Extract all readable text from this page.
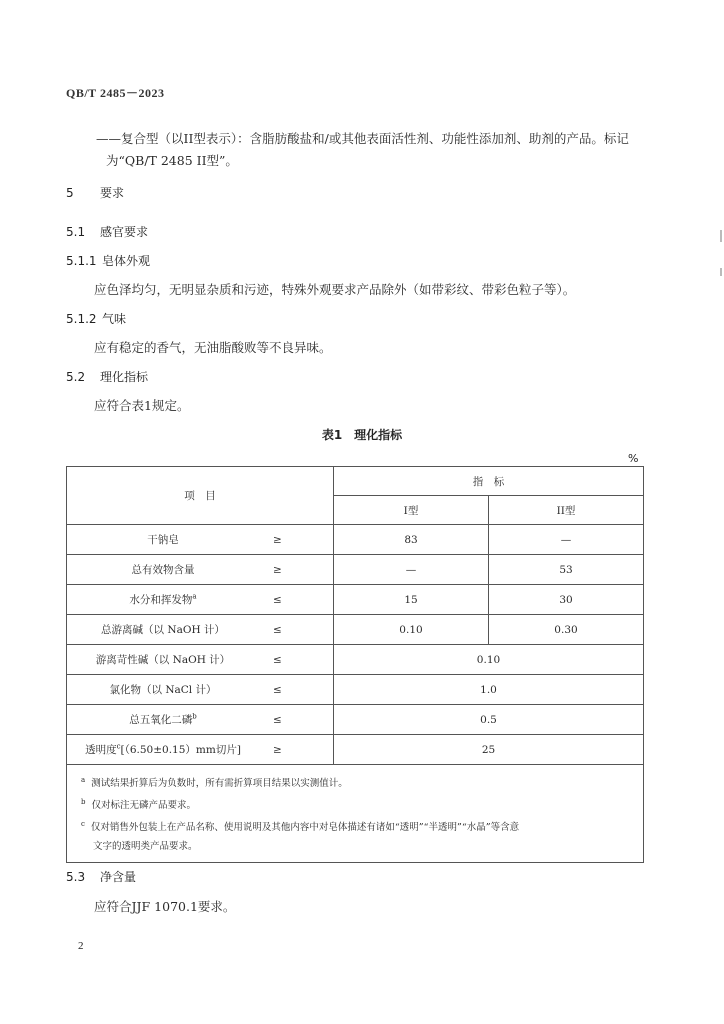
QB/T 2485－2023
——复合型（以II型表示）：含脂肪酸盐和/或其他表面活性剂、功能性添加剂、助剂的产品。标记
为“QB/T 2485 II型”。
5 要求
5.1 感官要求
5.1.1 皂体外观
应色泽均匀，无明显杂质和污迹，特殊外观要求产品除外（如带彩纹、带彩色粒子等）。
5.1.2 气味
应有稳定的香气，无油脂酸败等不良异味。
5.2 理化指标
应符合表1规定。
表1　理化指标
%
项　目		指　标	
		I型	II型
干钠皂	≥	83	—
总有效物含量	≥	—	53
水分和挥发物$^a$	≤	15	30
总游离碱（以 NaOH 计）	≤	0.10	0.30
游离苛性碱（以 NaOH 计）	≤	0.10	
氯化物（以 NaCl 计）	≤	1.0	
总五氧化二磷$^b$	≤	0.5	
透明度$^c$[（6.50±0.15）mm切片]	≥	25	

$^a$ 测试结果折算后为负数时，所有需折算项目结果以实测值计。
$^b$ 仅对标注无磷产品要求。
$^c$ 仅对销售外包装上在产品名称、使用说明及其他内容中对皂体描述有诸如“透明”“半透明”“水晶”等含意
文字的透明类产品要求。			
5.3 净含量
应符合JJF 1070.1要求。
2
